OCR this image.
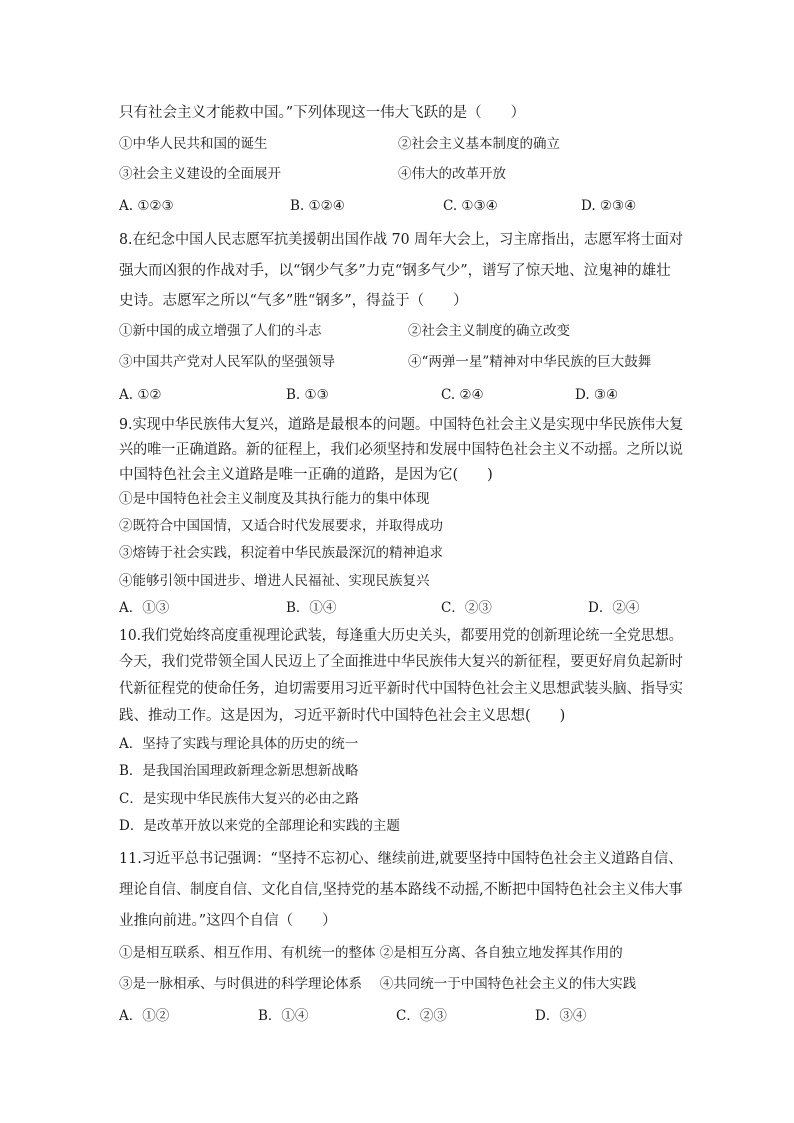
只有社会主义才能救中国。”下列体现这一伟大飞跃的是（　　）
①中华人民共和国的诞生	②社会主义基本制度的确立
③社会主义建设的全面展开	④伟大的改革开放
A. ①②③	B. ①②④	C. ①③④	D. ②③④
8.在纪念中国人民志愿军抗美援朝出国作战 70 周年大会上，习主席指出，志愿军将士面对
强大而凶狠的作战对手，以“钢少气多”力克“钢多气少”，谱写了惊天地、泣鬼神的雄壮
史诗。志愿军之所以“气多”胜“钢多”，得益于（　　）
①新中国的成立增强了人们的斗志	②社会主义制度的确立改变
③中国共产党对人民军队的坚强领导	④“两弹一星”精神对中华民族的巨大鼓舞
A. ①②	B. ①③	C. ②④	D. ③④
9.实现中华民族伟大复兴，道路是最根本的问题。中国特色社会主义是实现中华民族伟大复
兴的唯一正确道路。新的征程上，我们必须坚持和发展中国特色社会主义不动摇。之所以说
中国特色社会主义道路是唯一正确的道路，是因为它(　　)
①是中国特色社会主义制度及其执行能力的集中体现
②既符合中国国情，又适合时代发展要求，并取得成功
③熔铸于社会实践，积淀着中华民族最深沉的精神追求
④能够引领中国进步、增进人民福祉、实现民族复兴
A．①③	B．①④	C．②③	D．②④
10.我们党始终高度重视理论武装，每逢重大历史关头，都要用党的创新理论统一全党思想。
今天，我们党带领全国人民迈上了全面推进中华民族伟大复兴的新征程，要更好肩负起新时
代新征程党的使命任务，迫切需要用习近平新时代中国特色社会主义思想武装头脑、指导实
践、推动工作。这是因为，习近平新时代中国特色社会主义思想(　　)
A．坚持了实践与理论具体的历史的统一
B．是我国治国理政新理念新思想新战略
C．是实现中华民族伟大复兴的必由之路
D．是改革开放以来党的全部理论和实践的主题
11.习近平总书记强调：“坚持不忘初心、继续前进,就要坚持中国特色社会主义道路自信、
理论自信、制度自信、文化自信,坚持党的基本路线不动摇,不断把中国特色社会主义伟大事
业推向前进。”这四个自信（　　）
①是相互联系、相互作用、有机统一的整体 ②是相互分离、各自独立地发挥其作用的
③是一脉相承、与时俱进的科学理论体系　 ④共同统一于中国特色社会主义的伟大实践
A．①②	B．①④	C．②③	D．③④
